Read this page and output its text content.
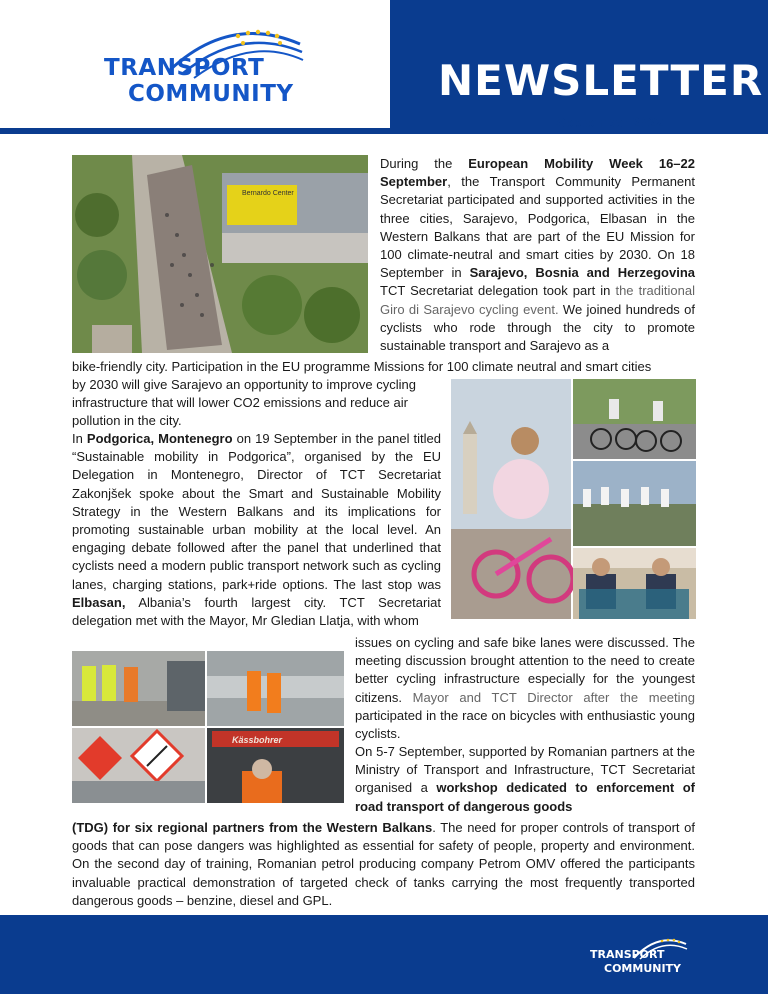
TRANSPORT
COMMUNITY	NEWSLETTER
September 2022
Bernardo Center
During the European Mobility Week 16–22 September, the Transport Community Permanent Secretariat participated and supported activities in the three cities, Sarajevo, Podgorica, Elbasan in the Western Balkans that are part of the EU Mission for 100 climate-neutral and smart cities by 2030. On 18 September in Sarajevo, Bosnia and Herzegovina TCT Secretariat delegation took part in the traditional Giro di Sarajevo cycling event. We joined hundreds of cyclists who rode through the city to promote sustainable transport and Sarajevo as a
bike-friendly city. Participation in the EU programme Missions for 100 climate neutral and smart cities
by 2030 will give Sarajevo an opportunity to improve cycling infrastructure that will lower CO2 emissions and reduce air pollution in the city.
In Podgorica, Montenegro on 19 September in the panel titled “Sustainable mobility in Podgorica”, organised by the EU Delegation in Montenegro, Director of TCT Secretariat Zakonjšek spoke about the Smart and Sustainable Mobility Strategy in the Western Balkans and its implications for promoting sustainable urban mobility at the local level. An engaging debate followed after the panel that underlined that cyclists need a modern public transport network such as cycling lanes, charging stations, park+ride options. The last stop was Elbasan, Albania’s fourth largest city. TCT Secretariat delegation met with the Mayor, Mr Gledian Llatja, with whom
Kässbohrer
issues on cycling and safe bike lanes were discussed. The meeting discussion brought attention to the need to create better cycling infrastructure especially for the youngest citizens. Mayor and TCT Director after the meeting participated in the race on bicycles with enthusiastic young cyclists.
On 5-7 September, supported by Romanian partners at the Ministry of Transport and Infrastructure, TCT Secretariat organised a workshop dedicated to enforcement of road transport of dangerous goods
(TDG) for six regional partners from the Western Balkans. The need for proper controls of transport of goods that can pose dangers was highlighted as essential for safety of people, property and environment. On the second day of training, Romanian petrol producing company Petrom OMV offered the participants invaluable practical demonstration of targeted check of tanks carrying the most frequently transported dangerous goods – benzine, diesel and GPL.
TRANSPORT
COMMUNITY
